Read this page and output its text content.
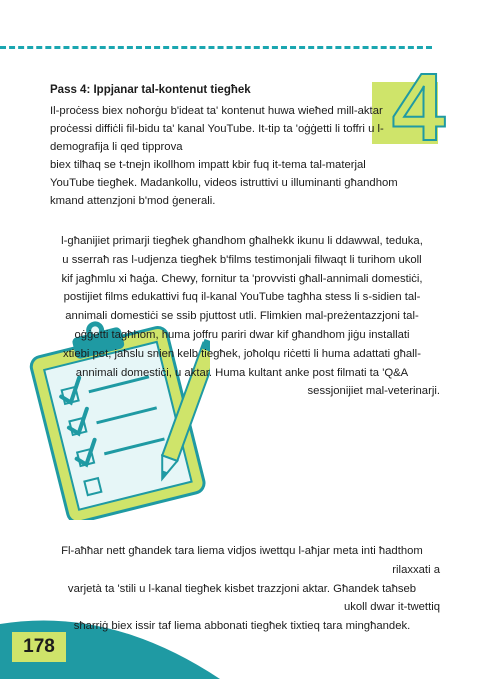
4

Pass 4: Ippjanar tal-kontenut tiegħek

Il-proċess biex noħorġu b'ideat ta' kontenut huwa wieħed mill-aktar

proċessi diffiċli fil-bidu ta' kanal YouTube. It-tip ta 'oġġetti li toffri u l-

demografija li qed tipprova

biex tilħaq se t-tnejn ikollhom impatt kbir fuq it-tema tal-materjal

YouTube tiegħek. Madankollu, videos istruttivi u illuminanti għandhom

kmand attenzjoni b'mod ġenerali.

l-għanijiet primarji tiegħek għandhom għalhekk ikunu li ddawwal, teduka,

u sserraħ ras l-udjenza tiegħek b'films testimonjali filwaqt li turihom ukoll

kif jagħmlu xi ħaġa. Chewy, fornitur ta 'provvisti għall-annimali domestiċi,

postijiet films edukattivi fuq il-kanal YouTube tagħha stess li s-sidien tal-

annimali domestiċi se ssib pjuttost utli. Flimkien mal-preżentazzjoni tal-

oġġetti tagħhom, huma joffru pariri dwar kif għandhom jiġu installati

xtiebi pet, jaħslu snien kelb tiegħek, joħolqu riċetti li huma adattati għall-

annimali domestiċi, u aktar. Huma kultant anke post filmati ta 'Q&A

sessjonijiet mal-veterinarji.

Fl-aħħar nett għandek tara liema vidjos iwettqu l-aħjar meta inti ħadthom

rilaxxati a

varjetà ta 'stili u l-kanal tiegħek kisbet trazzjoni aktar. Għandek taħseb

ukoll dwar it-twettiq

sħarriġ biex issir taf liema abbonati tiegħek tixtieq tara mingħandek.

178
